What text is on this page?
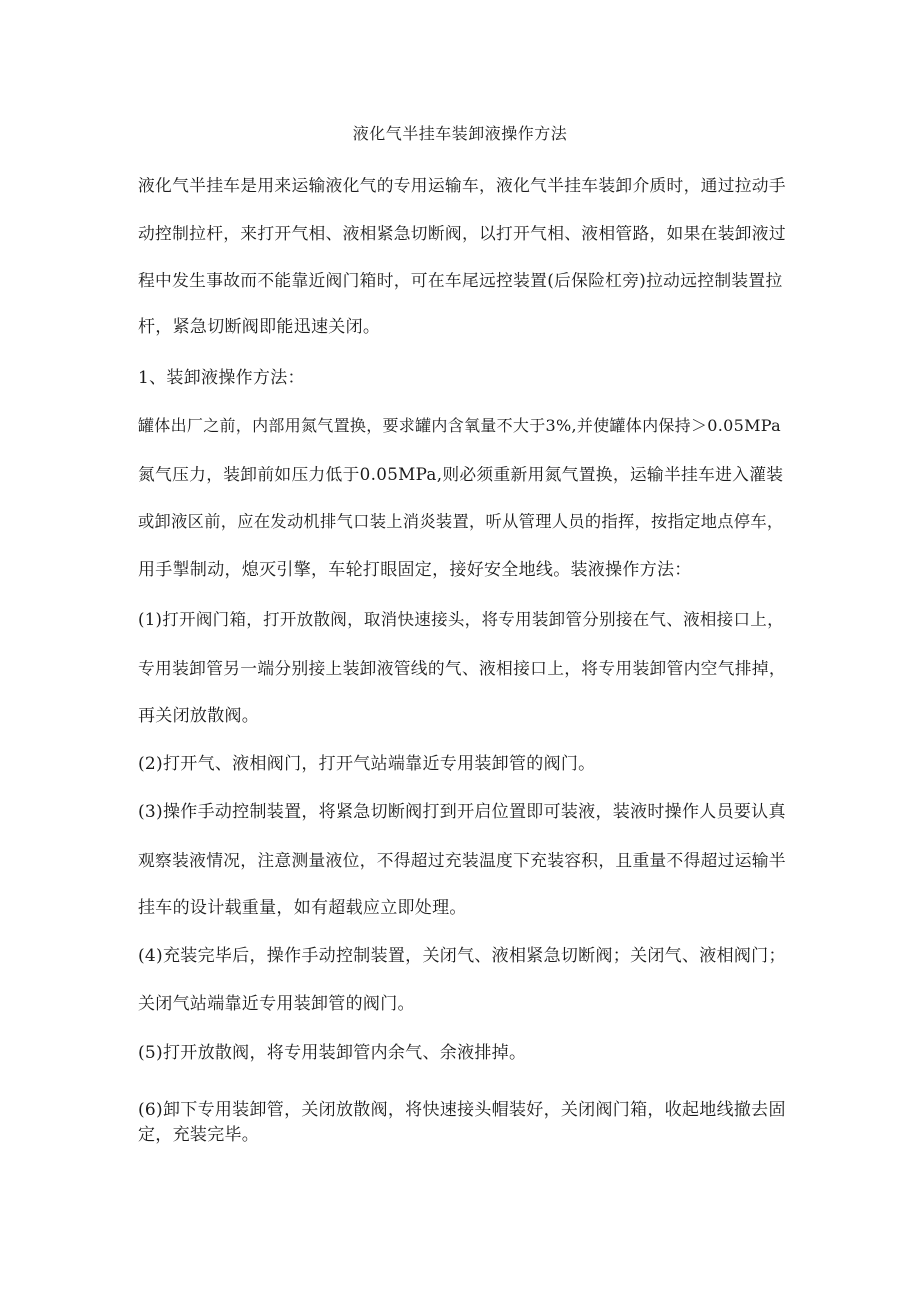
液化气半挂车装卸液操作方法

液化气半挂车是用来运输液化气的专用运输车，液化气半挂车装卸介质时，通过拉动手

动控制拉杆，来打开气相、液相紧急切断阀，以打开气相、液相管路，如果在装卸液过

程中发生事故而不能靠近阀门箱时，可在车尾远控装置(后保险杠旁)拉动远控制装置拉

杆，紧急切断阀即能迅速关闭。

1、装卸液操作方法：

罐体出厂之前，内部用氮气置换，要求罐内含氧量不大于3%,并使罐体内保持＞0.05MPa

氮气压力，装卸前如压力低于0.05MPa,则必须重新用氮气置换，运输半挂车进入灌装

或卸液区前，应在发动机排气口装上消炎装置，听从管理人员的指挥，按指定地点停车，

用手掣制动，熄灭引擎，车轮打眼固定，接好安全地线。装液操作方法：

(1)打开阀门箱，打开放散阀，取消快速接头，将专用装卸管分别接在气、液相接口上，

专用装卸管另一端分别接上装卸液管线的气、液相接口上，将专用装卸管内空气排掉，

再关闭放散阀。

(2)打开气、液相阀门，打开气站端靠近专用装卸管的阀门。

(3)操作手动控制装置，将紧急切断阀打到开启位置即可装液，装液时操作人员要认真

观察装液情况，注意测量液位，不得超过充装温度下充装容积，且重量不得超过运输半

挂车的设计载重量，如有超载应立即处理。

(4)充装完毕后，操作手动控制装置，关闭气、液相紧急切断阀；关闭气、液相阀门；

关闭气站端靠近专用装卸管的阀门。

(5)打开放散阀，将专用装卸管内余气、余液排掉。

(6)卸下专用装卸管，关闭放散阀，将快速接头帽装好，关闭阀门箱，收起地线撤去固

定，充装完毕。
